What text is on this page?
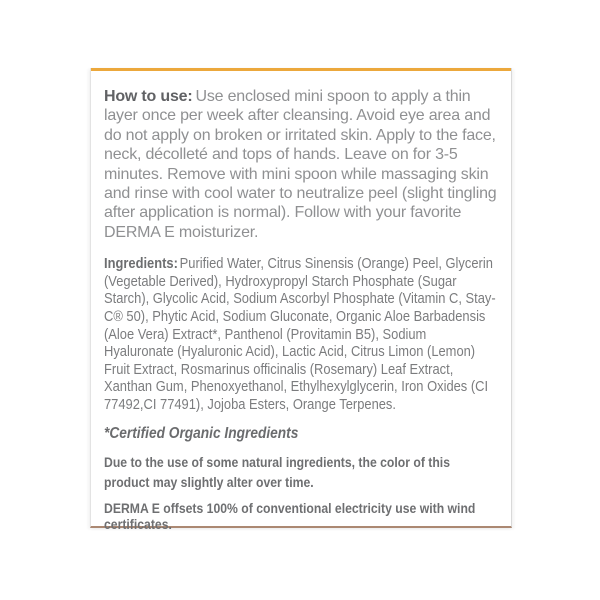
How to use: Use enclosed mini spoon to apply a thin layer once per week after cleansing. Avoid eye area and do not apply on broken or irritated skin. Apply to the face, neck, décolleté and tops of hands. Leave on for 3-5 minutes. Remove with mini spoon while massaging skin and rinse with cool water to neutralize peel (slight tingling after application is normal). Follow with your favorite DERMA E moisturizer.

Ingredients: Purified Water, Citrus Sinensis (Orange) Peel, Glycerin (Vegetable Derived), Hydroxypropyl Starch Phosphate (Sugar Starch), Glycolic Acid, Sodium Ascorbyl Phosphate (Vitamin C, Stay-C® 50), Phytic Acid, Sodium Gluconate, Organic Aloe Barbadensis (Aloe Vera) Extract*, Panthenol (Provitamin B5), Sodium Hyaluronate (Hyaluronic Acid), Lactic Acid, Citrus Limon (Lemon) Fruit Extract, Rosmarinus officinalis (Rosemary) Leaf Extract, Xanthan Gum, Phenoxyethanol, Ethylhexylglycerin, Iron Oxides (CI 77492,CI 77491), Jojoba Esters, Orange Terpenes.

*Certified Organic Ingredients

Due to the use of some natural ingredients, the color of this product may slightly alter over time.

DERMA E offsets 100% of conventional electricity use with wind certificates.
